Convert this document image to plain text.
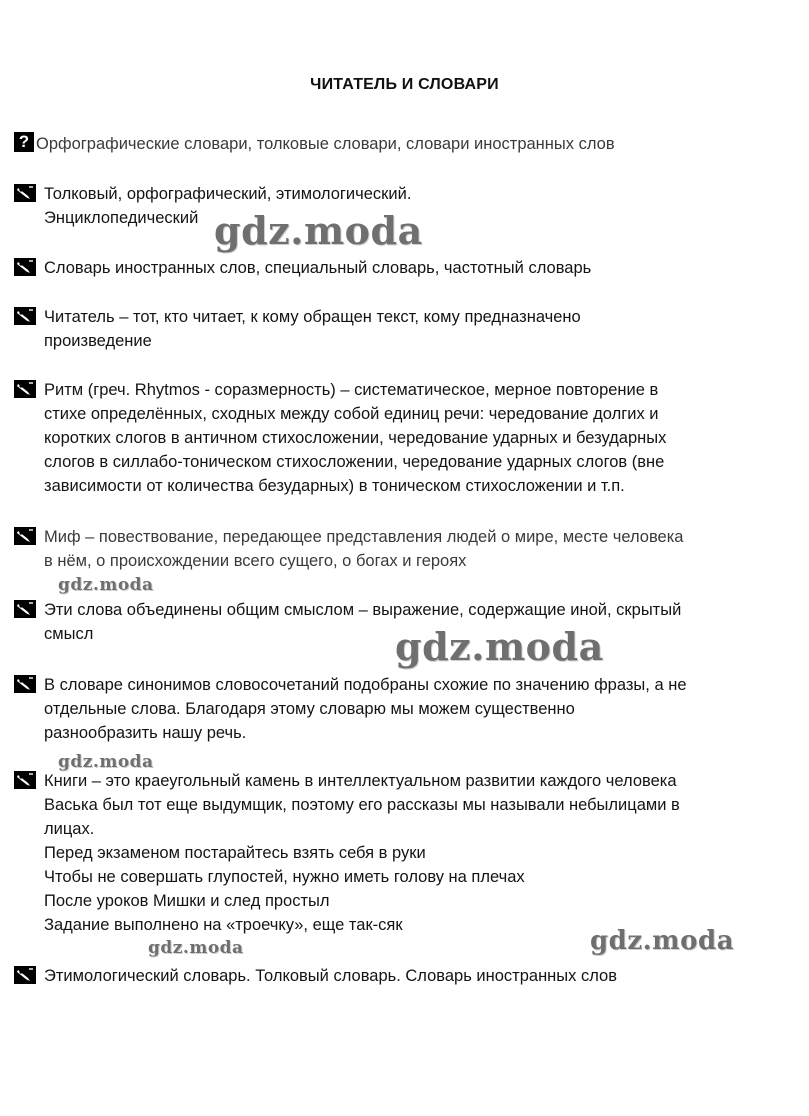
ЧИТАТЕЛЬ И СЛОВАРИ
? Орфографические словари, толковые словари, словари иностранных слов
Толковый, орфографический, этимологический.
Энциклопедический
Словарь иностранных слов, специальный словарь, частотный словарь
Читатель – тот, кто читает, к кому обращен текст, кому предназначено
произведение
Ритм (греч. Rhytmos - соразмерность) – систематическое, мерное повторение в
стихе определённых, сходных между собой единиц речи: чередование долгих и
коротких слогов в античном стихосложении, чередование ударных и безударных
слогов в силлабо-тоническом стихосложении, чередование ударных слогов (вне
зависимости от количества безударных) в тоническом стихосложении и т.п.
Миф – повествование, передающее представления людей о мире, месте человека
в нём, о происхождении всего сущего, о богах и героях
Эти слова объединены общим смыслом – выражение, содержащие иной, скрытый
смысл
В словаре синонимов словосочетаний подобраны схожие по значению фразы, а не
отдельные слова. Благодаря этому словарю мы можем существенно
разнообразить нашу речь.
Книги – это краеугольный камень в интеллектуальном развитии каждого человека
Васька был тот еще выдумщик, поэтому его рассказы мы называли небылицами в
лицах.
Перед экзаменом постарайтесь взять себя в руки
Чтобы не совершать глупостей, нужно иметь голову на плечах
После уроков Мишки и след простыл
Задание выполнено на «троечку», еще так-сяк
Этимологический словарь. Толковый словарь. Словарь иностранных слов
gdz.moda
gdz.moda
gdz.moda
gdz.moda
gdz.moda	gdz.moda
